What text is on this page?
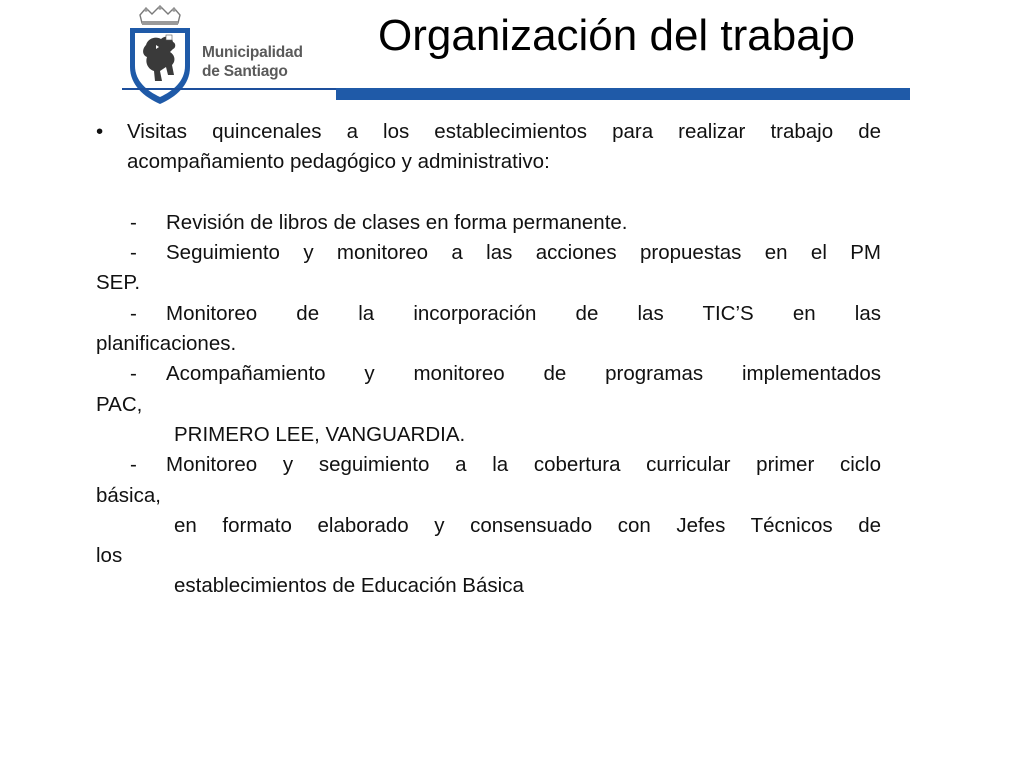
Municipalidad
de Santiago
Organización del trabajo
• Visitas quincenales a los establecimientos para realizar trabajo de acompañamiento pedagógico y administrativo:
- Revisión de libros de clases en forma permanente.
- Seguimiento y monitoreo a las acciones propuestas en el PM
SEP.
- Monitoreo de la incorporación de las TIC’S en las
planificaciones.
- Acompañamiento y monitoreo de programas implementados
PAC,
PRIMERO LEE, VANGUARDIA.
- Monitoreo y seguimiento a la cobertura curricular primer ciclo
básica,
en formato elaborado y consensuado con Jefes Técnicos de
los
establecimientos de Educación Básica
